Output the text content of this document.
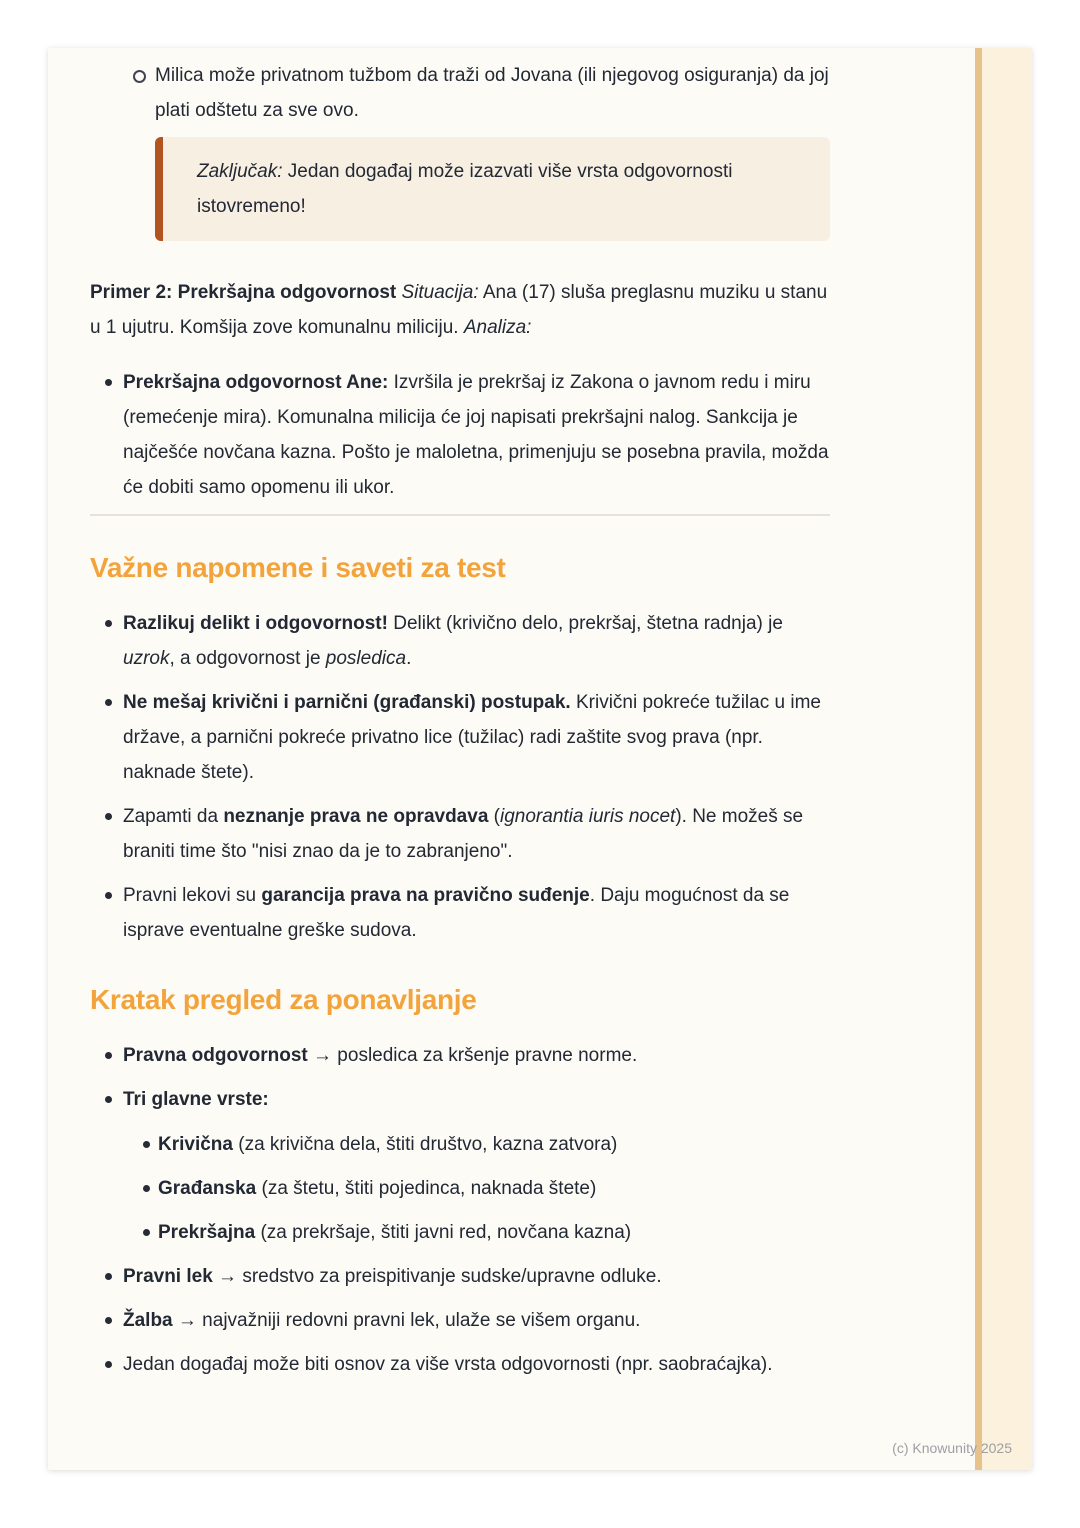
Milica može privatnom tužbom da traži od Jovana (ili njegovog osiguranja) da joj plati odštetu za sve ovo.

Zaključak: Jedan događaj može izazvati više vrsta odgovornosti istovremeno!

Primer 2: Prekršajna odgovornost Situacija: Ana (17) sluša preglasnu muziku u stanu u 1 ujutru. Komšija zove komunalnu miliciju. Analiza:

Prekršajna odgovornost Ane: Izvršila je prekršaj iz Zakona o javnom redu i miru (remećenje mira). Komunalna milicija će joj napisati prekršajni nalog. Sankcija je najčešće novčana kazna. Pošto je maloletna, primenjuju se posebna pravila, možda će dobiti samo opomenu ili ukor.
Važne napomene i saveti za test
Razlikuj delikt i odgovornost! Delikt (krivično delo, prekršaj, štetna radnja) je uzrok, a odgovornost je posledica.
Ne mešaj krivični i parnični (građanski) postupak. Krivični pokreće tužilac u ime države, a parnični pokreće privatno lice (tužilac) radi zaštite svog prava (npr. naknade štete).
Zapamti da neznanje prava ne opravdava (ignorantia iuris nocet). Ne možeš se braniti time što "nisi znao da je to zabranjeno".
Pravni lekovi su garancija prava na pravično suđenje. Daju mogućnost da se isprave eventualne greške sudova.
Kratak pregled za ponavljanje
Pravna odgovornost → posledica za kršenje pravne norme.
Tri glavne vrste:
Krivična (za krivična dela, štiti društvo, kazna zatvora)
Građanska (za štetu, štiti pojedinca, naknada štete)
Prekršajna (za prekršaje, štiti javni red, novčana kazna)
Pravni lek → sredstvo za preispitivanje sudske/upravne odluke.
Žalba → najvažniji redovni pravni lek, ulaže se višem organu.
Jedan događaj može biti osnov za više vrsta odgovornosti (npr. saobraćajka).
(c) Knowunity 2025
